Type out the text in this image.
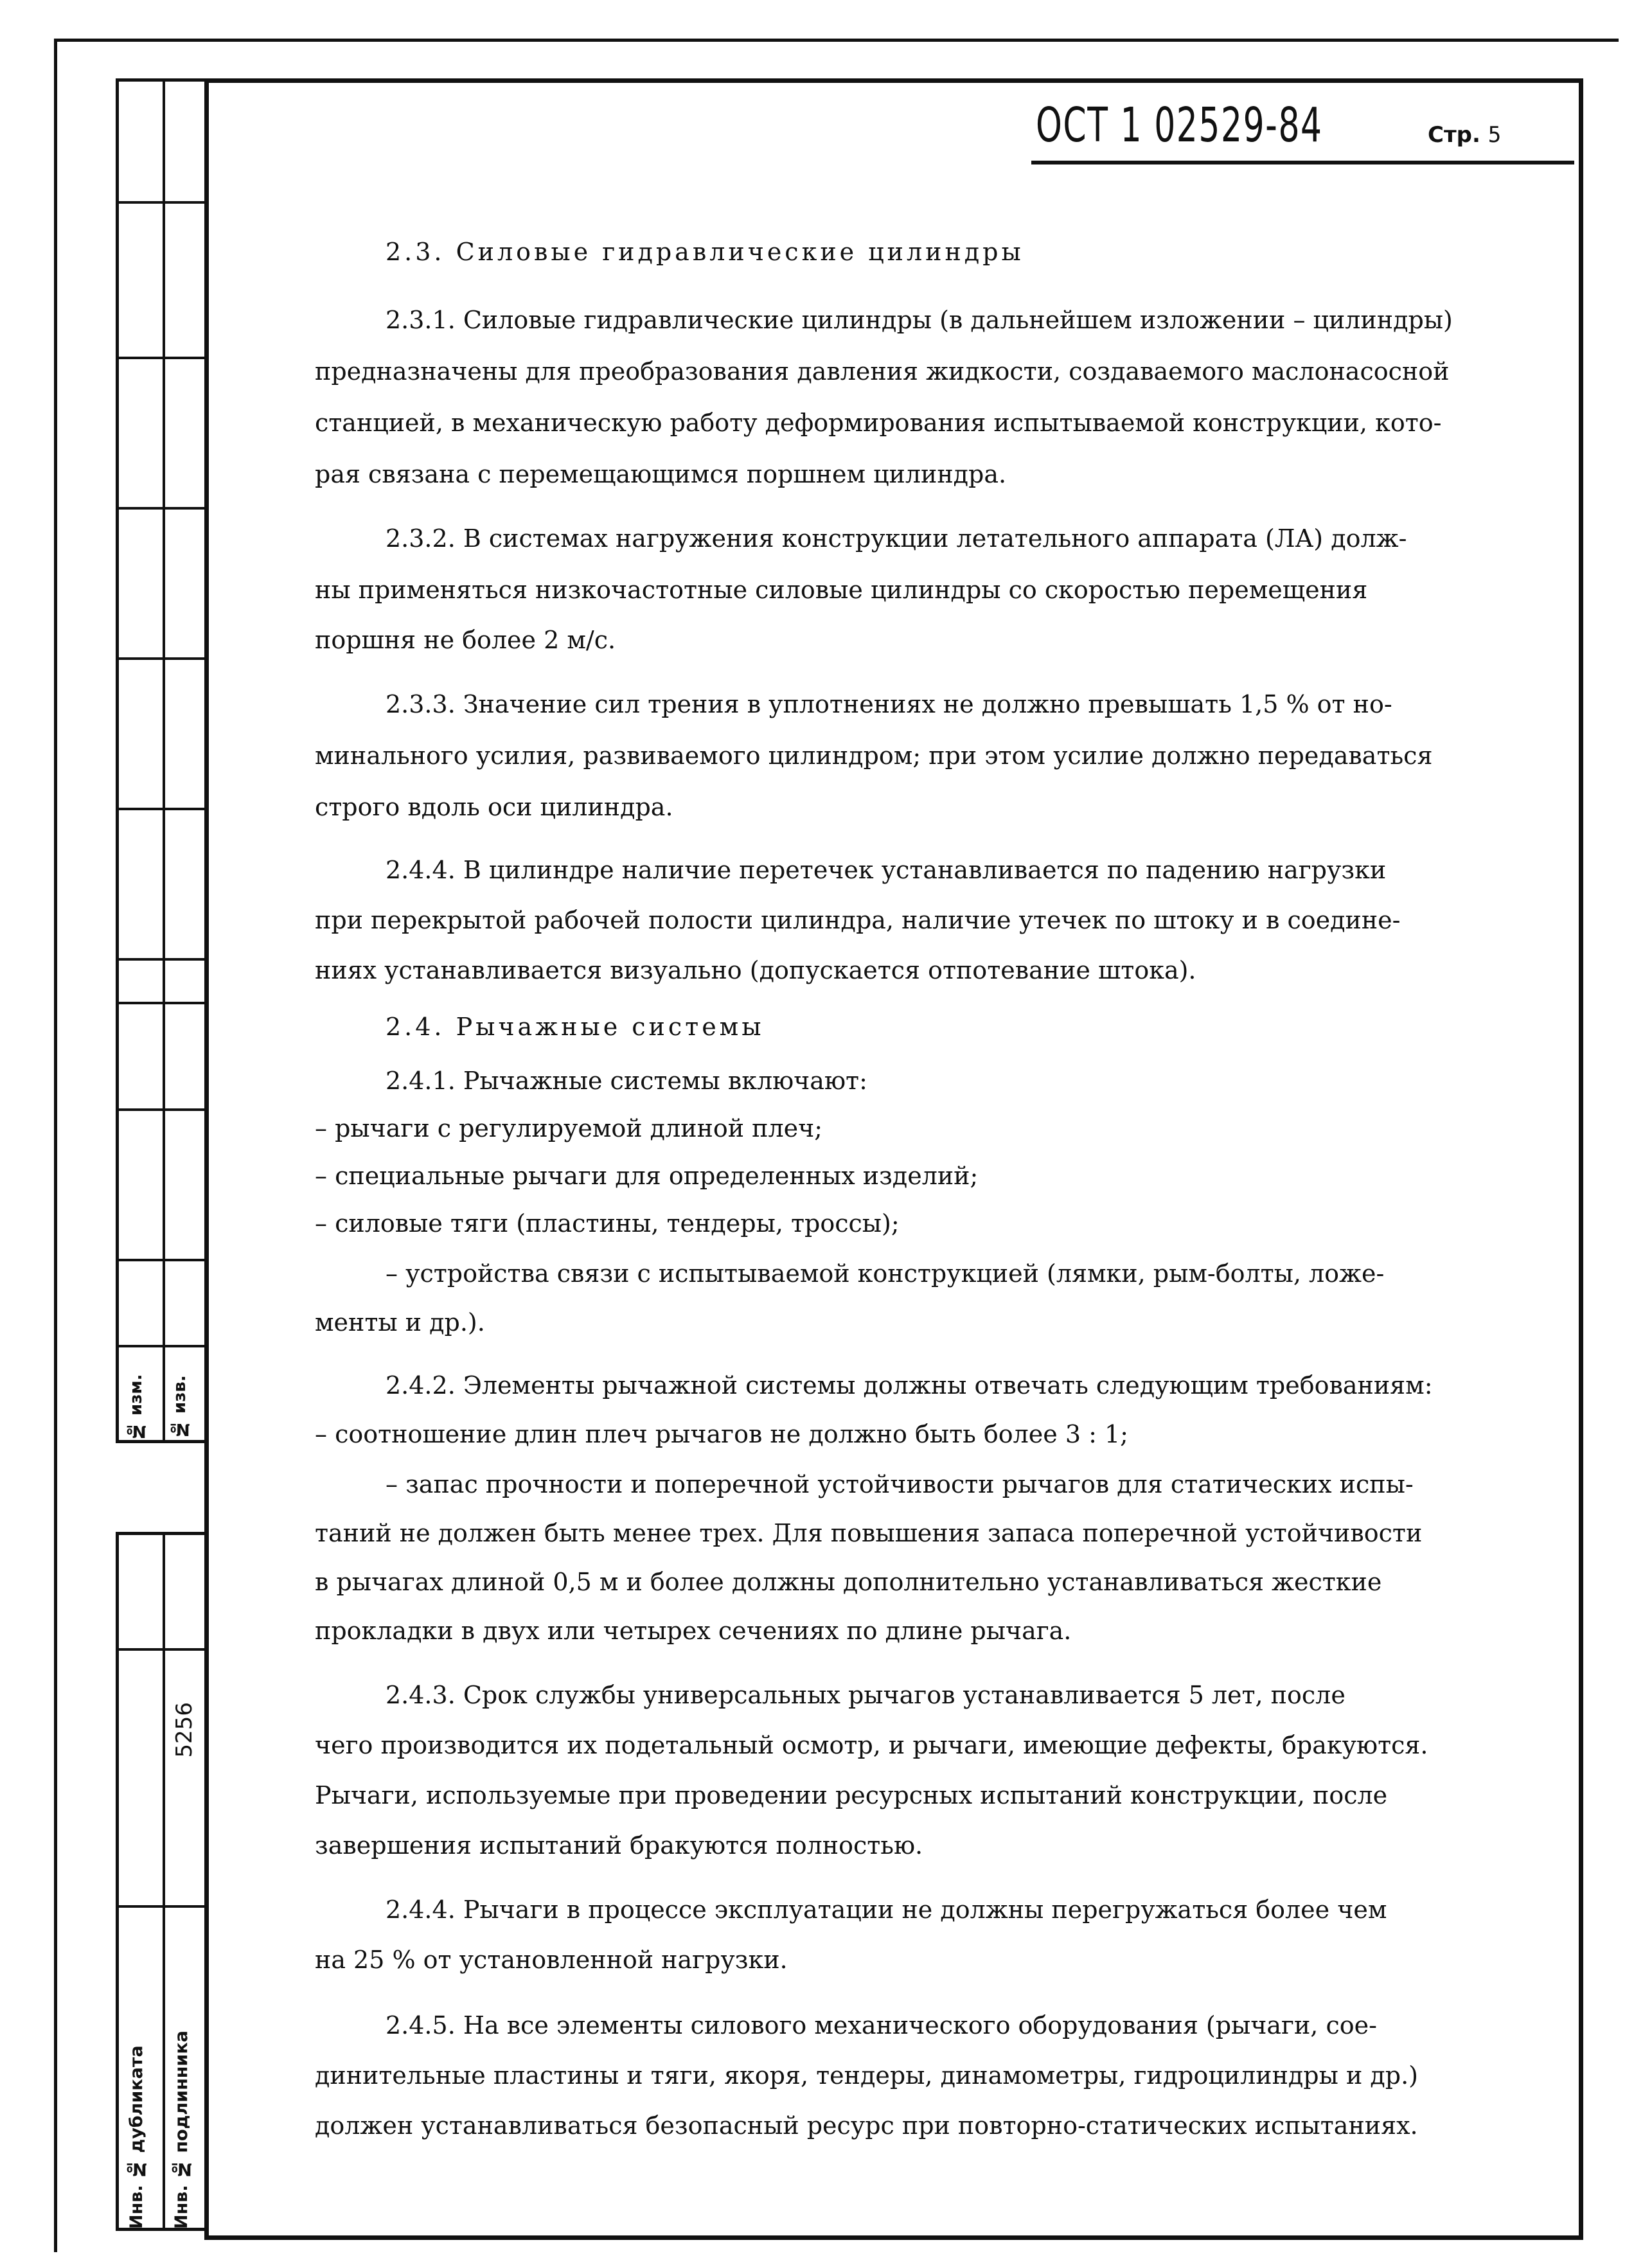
№ изм. № изв.
5256
Инв. № дубликата Инв. № подлинника
ОСТ 1 02529-84	Стр. 5
2.3. Силовые гидравлические цилиндры
2.3.1. Силовые гидравлические цилиндры (в дальнейшем изложении – цилиндры)
предназначены для преобразования давления жидкости, создаваемого маслонасосной
станцией, в механическую работу деформирования испытываемой конструкции, кото-
рая связана с перемещающимся поршнем цилиндра.
2.3.2. В системах нагружения конструкции летательного аппарата (ЛА) долж-
ны применяться низкочастотные силовые цилиндры со скоростью перемещения
поршня не более 2 м/с.
2.3.3. Значение сил трения в уплотнениях не должно превышать 1,5 % от но-
минального усилия, развиваемого цилиндром; при этом усилие должно передаваться
строго вдоль оси цилиндра.
2.4.4. В цилиндре наличие перетечек устанавливается по падению нагрузки
при перекрытой рабочей полости цилиндра, наличие утечек по штоку и в соедине-
ниях устанавливается визуально (допускается отпотевание штока).
2.4. Рычажные системы
2.4.1. Рычажные системы включают:
– рычаги с регулируемой длиной плеч;
– специальные рычаги для определенных изделий;
– силовые тяги (пластины, тендеры, тросcы);
– устройства связи с испытываемой конструкцией (лямки, рым-болты, ложе-
менты и др.).
2.4.2. Элементы рычажной системы должны отвечать следующим требованиям:
– соотношение длин плеч рычагов не должно быть более 3 : 1;
– запас прочности и поперечной устойчивости рычагов для статических испы-
таний не должен быть менее трех. Для повышения запаса поперечной устойчивости
в рычагах длиной 0,5 м и более должны дополнительно устанавливаться жесткие
прокладки в двух или четырех сечениях по длине рычага.
2.4.3. Срок службы универсальных рычагов устанавливается 5 лет, после
чего производится их подетальный осмотр, и рычаги, имеющие дефекты, бракуются.
Рычаги, используемые при проведении ресурсных испытаний конструкции, после
завершения испытаний бракуются полностью.
2.4.4. Рычаги в процессе эксплуатации не должны перегружаться более чем
на 25 % от установленной нагрузки.
2.4.5. На все элементы силового механического оборудования (рычаги, сое-
динительные пластины и тяги, якоря, тендеры, динамометры, гидроцилиндры и др.)
должен устанавливаться безопасный ресурс при повторно-статических испытаниях.
